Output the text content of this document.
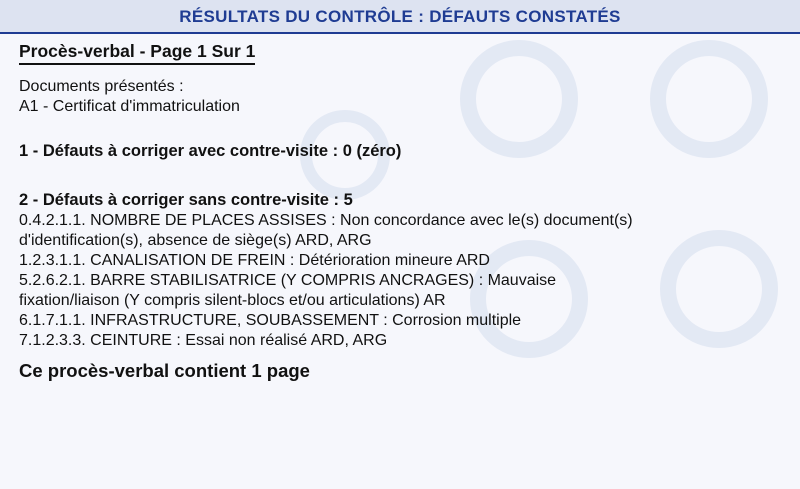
RÉSULTATS DU CONTRÔLE : DÉFAUTS CONSTATÉS
Procès-verbal - Page 1 Sur 1
Documents présentés :
A1 - Certificat d'immatriculation
1 - Défauts à corriger avec contre-visite : 0 (zéro)
2 - Défauts à corriger sans contre-visite : 5
0.4.2.1.1. NOMBRE DE PLACES ASSISES : Non concordance avec le(s) document(s)
d'identification(s), absence de siège(s) ARD, ARG
1.2.3.1.1. CANALISATION DE FREIN : Détérioration mineure ARD
5.2.6.2.1. BARRE STABILISATRICE (Y COMPRIS ANCRAGES) : Mauvaise
fixation/liaison (Y compris silent-blocs et/ou articulations) AR
6.1.7.1.1. INFRASTRUCTURE, SOUBASSEMENT : Corrosion multiple
7.1.2.3.3. CEINTURE : Essai non réalisé ARD, ARG
Ce procès-verbal contient 1 page
